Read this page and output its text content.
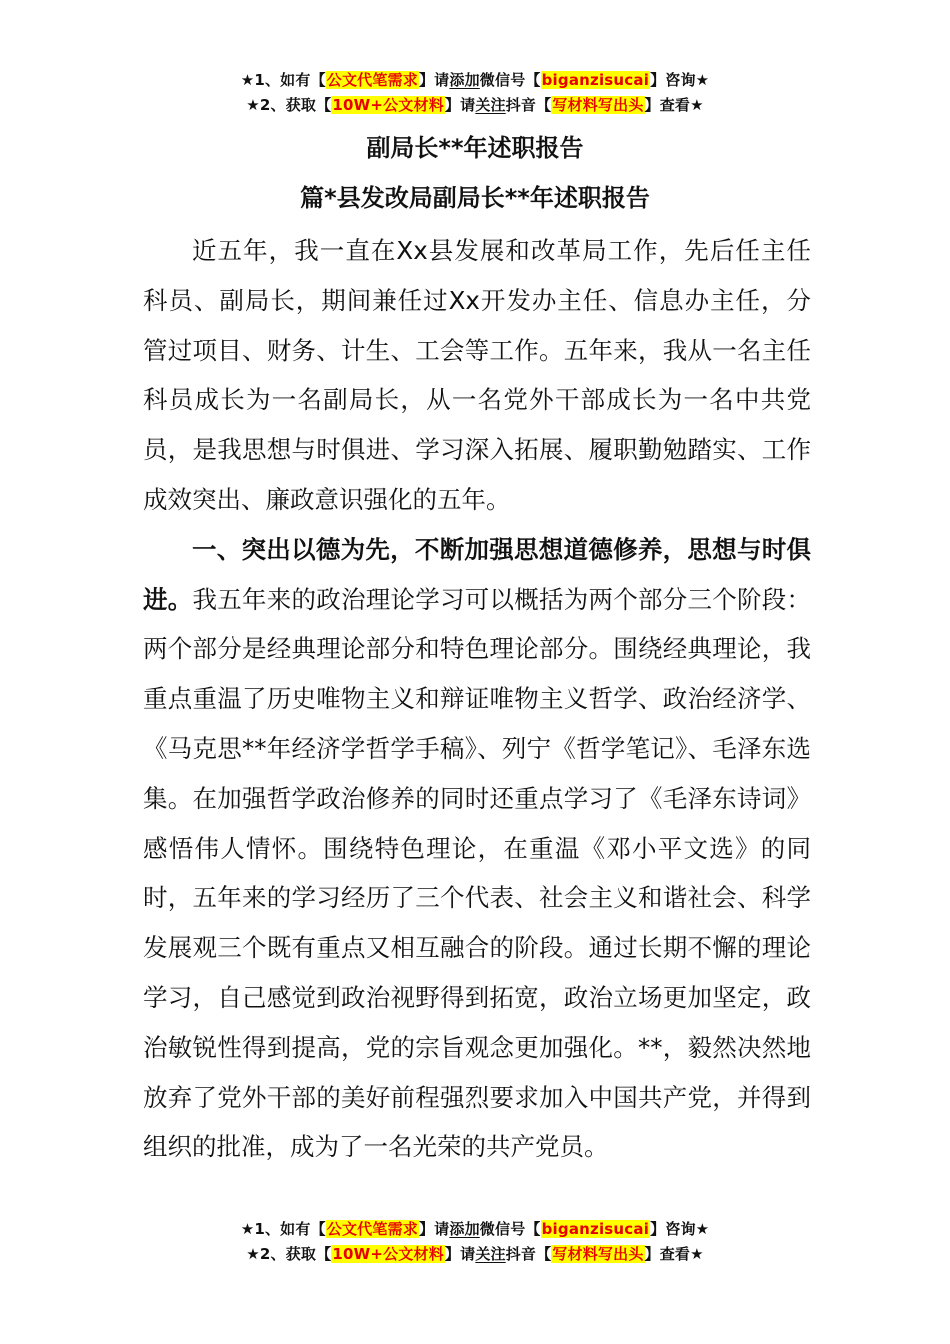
★1、如有【公文代笔需求】请添加微信号【biganzisucai】咨询★
★2、获取【10W+公文材料】请关注抖音【写材料写出头】查看★
副局长**年述职报告
篇*县发改局副局长**年述职报告

近五年，我一直在Xx县发展和改革局工作，先后任主任科员、副局长，期间兼任过Xx开发办主任、信息办主任，分管过项目、财务、计生、工会等工作。五年来，我从一名主任科员成长为一名副局长，从一名党外干部成长为一名中共党员，是我思想与时俱进、学习深入拓展、履职勤勉踏实、工作成效突出、廉政意识强化的五年。

一、突出以德为先，不断加强思想道德修养，思想与时俱进。我五年来的政治理论学习可以概括为两个部分三个阶段：两个部分是经典理论部分和特色理论部分。围绕经典理论，我重点重温了历史唯物主义和辩证唯物主义哲学、政治经济学、《马克思**年经济学哲学手稿》、列宁《哲学笔记》、毛泽东选集。在加强哲学政治修养的同时还重点学习了《毛泽东诗词》感悟伟人情怀。围绕特色理论，在重温《邓小平文选》的同时，五年来的学习经历了三个代表、社会主义和谐社会、科学发展观三个既有重点又相互融合的阶段。通过长期不懈的理论学习，自己感觉到政治视野得到拓宽，政治立场更加坚定，政治敏锐性得到提高，党的宗旨观念更加强化。**，毅然决然地放弃了党外干部的美好前程强烈要求加入中国共产党，并得到组织的批准，成为了一名光荣的共产党员。

★1、如有【公文代笔需求】请添加微信号【biganzisucai】咨询★
★2、获取【10W+公文材料】请关注抖音【写材料写出头】查看★
